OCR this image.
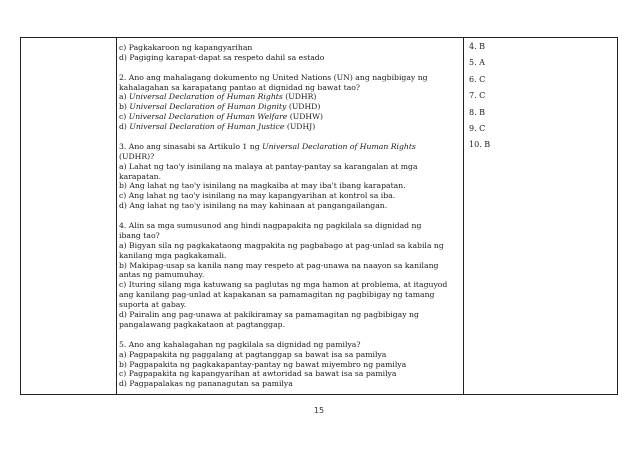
c) Pagkakaroon ng kapangyarihan
d) Pagiging karapat-dapat sa respeto dahil sa estado
2. Ano ang mahalagang dokumento ng United Nations (UN) ang nagbibigay ng
kahalagahan sa karapatang pantao at dignidad ng bawat tao?
a) Universal Declaration of Human Rights (UDHR)
b) Universal Declaration of Human Dignity (UDHD)
c) Universal Declaration of Human Welfare (UDHW)
d) Universal Declaration of Human Justice (UDHJ)
3. Ano ang sinasabi sa Artikulo 1 ng Universal Declaration of Human Rights
(UDHR)?
a) Lahat ng tao'y isinilang na malaya at pantay-pantay sa karangalan at mga
karapatan.
b) Ang lahat ng tao'y isinilang na magkaiba at may iba't ibang karapatan.
c) Ang lahat ng tao'y isinilang na may kapangyarihan at kontrol sa iba.
d) Ang lahat ng tao'y isinilang na may kahinaan at pangangailangan.
4. Alin sa mga sumusunod ang hindi nagpapakita ng pagkilala sa dignidad ng
ibang tao?
a) Bigyan sila ng pagkakataong magpakita ng pagbabago at pag-unlad sa kabila ng
kanilang mga pagkakamali.
b) Makipag-usap sa kanila nang may respeto at pag-unawa na naayon sa kanilang
antas ng pamumuhay.
c) Ituring silang mga katuwang sa paglutas ng mga hamon at problema, at itaguyod
ang kanilang pag-unlad at kapakanan sa pamamagitan ng pagbibigay ng tamang
suporta at gabay.
d) Pairalin ang pag-unawa at pakikiramay sa pamamagitan ng pagbibigay ng
pangalawang pagkakataon at pagtanggap.
5. Ano ang kahalagahan ng pagkilala sa dignidad ng pamilya?
a) Pagpapakita ng paggalang at pagtanggap sa bawat isa sa pamilya
b) Pagpapakita ng pagkakapantay-pantay ng bawat miyembro ng pamilya
c) Pagpapakita ng kapangyarihan at awtoridad sa bawat isa sa pamilya
d) Pagpapalakas ng pananagutan sa pamilya
4. B
5. A
6. C
7. C
8. B
9. C
10. B
15
